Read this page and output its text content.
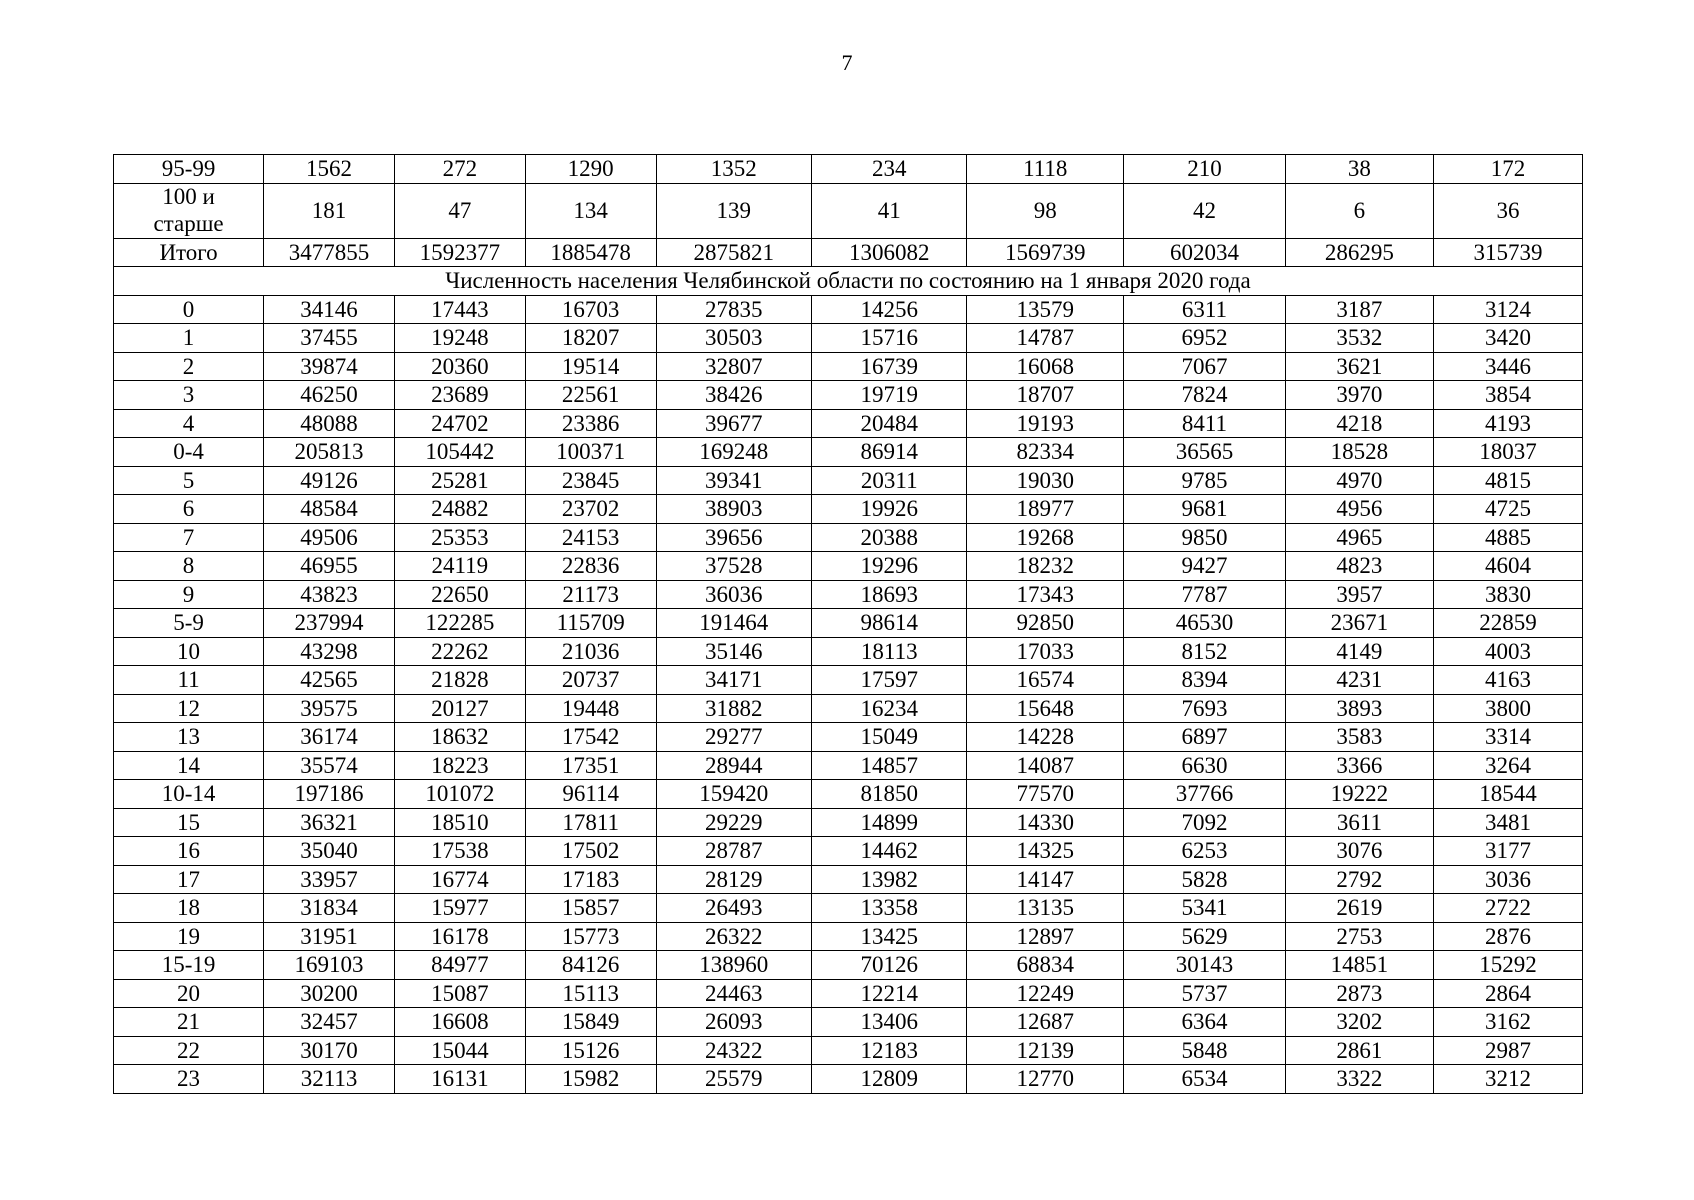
7
95-99	1562	272	1290	1352	234	1118	210	38	172
100 и
старше	181	47	134	139	41	98	42	6	36
Итого	3477855	1592377	1885478	2875821	1306082	1569739	602034	286295	315739
Численность населения Челябинской области по состоянию на 1 января 2020 года									
0	34146	17443	16703	27835	14256	13579	6311	3187	3124
1	37455	19248	18207	30503	15716	14787	6952	3532	3420
2	39874	20360	19514	32807	16739	16068	7067	3621	3446
3	46250	23689	22561	38426	19719	18707	7824	3970	3854
4	48088	24702	23386	39677	20484	19193	8411	4218	4193
0-4	205813	105442	100371	169248	86914	82334	36565	18528	18037
5	49126	25281	23845	39341	20311	19030	9785	4970	4815
6	48584	24882	23702	38903	19926	18977	9681	4956	4725
7	49506	25353	24153	39656	20388	19268	9850	4965	4885
8	46955	24119	22836	37528	19296	18232	9427	4823	4604
9	43823	22650	21173	36036	18693	17343	7787	3957	3830
5-9	237994	122285	115709	191464	98614	92850	46530	23671	22859
10	43298	22262	21036	35146	18113	17033	8152	4149	4003
11	42565	21828	20737	34171	17597	16574	8394	4231	4163
12	39575	20127	19448	31882	16234	15648	7693	3893	3800
13	36174	18632	17542	29277	15049	14228	6897	3583	3314
14	35574	18223	17351	28944	14857	14087	6630	3366	3264
10-14	197186	101072	96114	159420	81850	77570	37766	19222	18544
15	36321	18510	17811	29229	14899	14330	7092	3611	3481
16	35040	17538	17502	28787	14462	14325	6253	3076	3177
17	33957	16774	17183	28129	13982	14147	5828	2792	3036
18	31834	15977	15857	26493	13358	13135	5341	2619	2722
19	31951	16178	15773	26322	13425	12897	5629	2753	2876
15-19	169103	84977	84126	138960	70126	68834	30143	14851	15292
20	30200	15087	15113	24463	12214	12249	5737	2873	2864
21	32457	16608	15849	26093	13406	12687	6364	3202	3162
22	30170	15044	15126	24322	12183	12139	5848	2861	2987
23	32113	16131	15982	25579	12809	12770	6534	3322	3212
